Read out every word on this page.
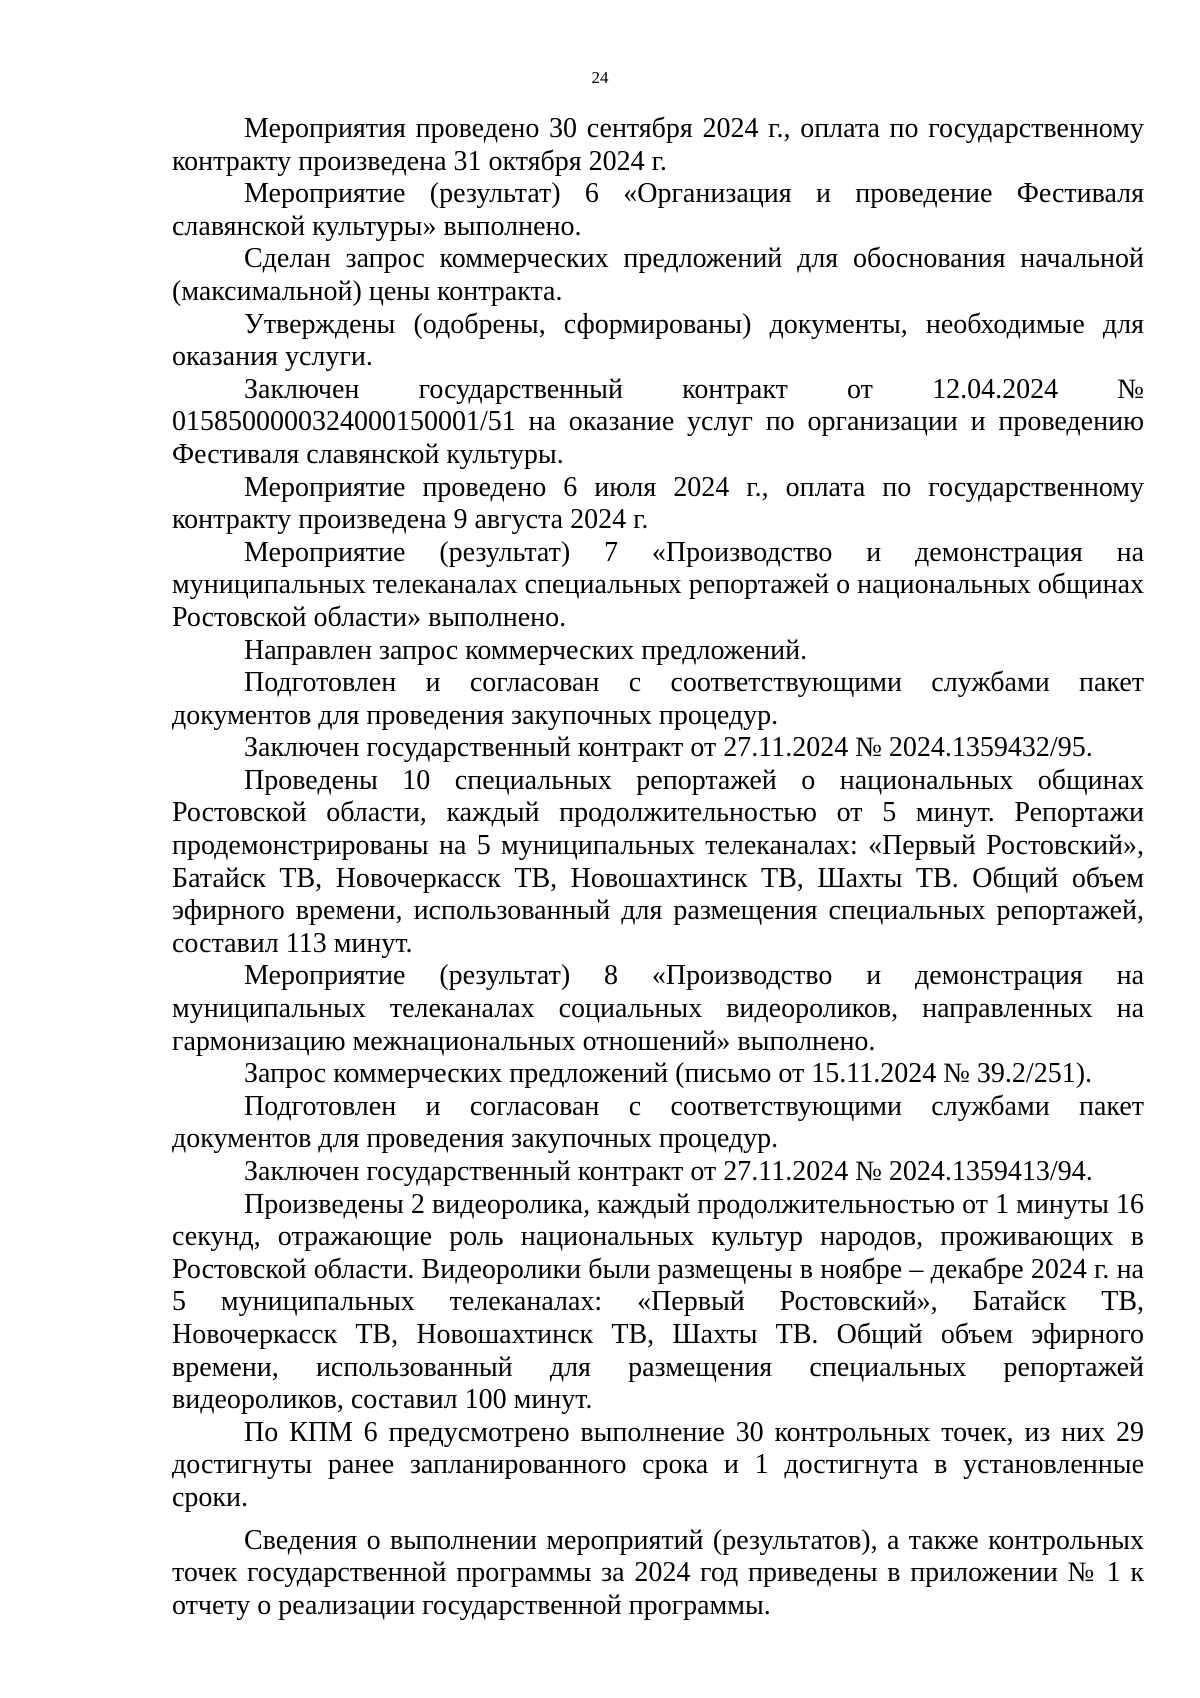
24

Мероприятия проведено 30 сентября 2024 г., оплата по государственному контракту произведена 31 октября 2024 г.

Мероприятие (результат) 6 «Организация и проведение Фестиваля славянской культуры» выполнено.

Сделан запрос коммерческих предложений для обоснования начальной (максимальной) цены контракта.

Утверждены (одобрены, сформированы) документы, необходимые для оказания услуги.

Заключен государственный контракт от 12.04.2024 № 0158500000324000150001/51 на оказание услуг по организации и проведению Фестиваля славянской культуры.

Мероприятие проведено 6 июля 2024 г., оплата по государственному контракту произведена 9 августа 2024 г.

Мероприятие (результат) 7 «Производство и демонстрация на муниципальных телеканалах специальных репортажей о национальных общинах Ростовской области» выполнено.

Направлен запрос коммерческих предложений.

Подготовлен и согласован с соответствующими службами пакет документов для проведения закупочных процедур.

Заключен государственный контракт от 27.11.2024 № 2024.1359432/95.

Проведены 10 специальных репортажей о национальных общинах Ростовской области, каждый продолжительностью от 5 минут. Репортажи продемонстрированы на 5 муниципальных телеканалах: «Первый Ростовский», Батайск ТВ, Новочеркасск ТВ, Новошахтинск ТВ, Шахты ТВ. Общий объем эфирного времени, использованный для размещения специальных репортажей, составил 113 минут.

Мероприятие (результат) 8 «Производство и демонстрация на муниципальных телеканалах социальных видеороликов, направленных на гармонизацию межнациональных отношений» выполнено.

Запрос коммерческих предложений (письмо от 15.11.2024 № 39.2/251).

Подготовлен и согласован с соответствующими службами пакет документов для проведения закупочных процедур.

Заключен государственный контракт от 27.11.2024 № 2024.1359413/94.

Произведены 2 видеоролика, каждый продолжительностью от 1 минуты 16 секунд, отражающие роль национальных культур народов, проживающих в Ростовской области. Видеоролики были размещены в ноябре – декабре 2024 г. на 5 муниципальных телеканалах: «Первый Ростовский», Батайск ТВ, Новочеркасск ТВ, Новошахтинск ТВ, Шахты ТВ. Общий объем эфирного времени, использованный для размещения специальных репортажей видеороликов, составил 100 минут.

По КПМ 6 предусмотрено выполнение 30 контрольных точек, из них 29 достигнуты ранее запланированного срока и 1 достигнута в установленные сроки.

Сведения о выполнении мероприятий (результатов), а также контрольных точек государственной программы за 2024 год приведены в приложении № 1 к отчету о реализации государственной программы.
